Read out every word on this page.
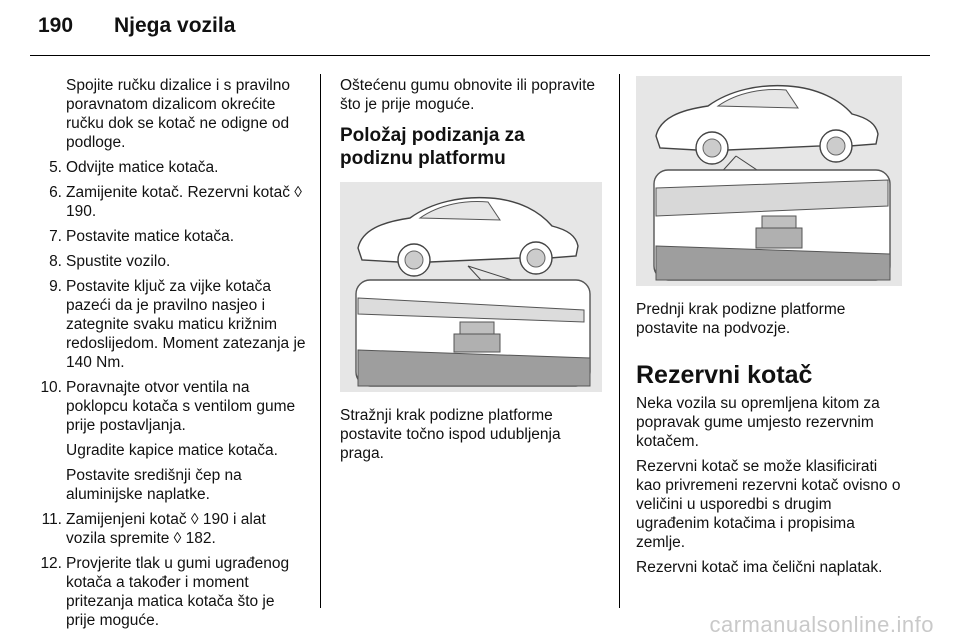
190 Njega vozila
Spojite ručku dizalice i s pravilno poravnatom dizalicom okrećite ručku dok se kotač ne odigne od podloge.
5. Odvijte matice kotača.
6. Zamijenite kotač. Rezervni kotač ◊ 190.
7. Postavite matice kotača.
8. Spustite vozilo.
9. Postavite ključ za vijke kotača pazeći da je pravilno nasjeo i zategnite svaku maticu križnim redoslijedom. Moment zatezanja je 140 Nm.
10. Poravnajte otvor ventila na poklopcu kotača s ventilom gume prije postavljanja.
Ugradite kapice matice kotača.
Postavite središnji čep na aluminijske naplatke.
11. Zamijenjeni kotač ◊ 190 i alat vozila spremite ◊ 182.
12. Provjerite tlak u gumi ugrađenog kotača a također i moment pritezanja matica kotača što je prije moguće.
Oštećenu gumu obnovite ili popravite što je prije moguće.
Položaj podizanja za podiznu platformu
Stražnji krak podizne platforme postavite točno ispod udubljenja praga.
Prednji krak podizne platforme postavite na podvozje.
Rezervni kotač
Neka vozila su opremljena kitom za popravak gume umjesto rezervnim kotačem.
Rezervni kotač se može klasificirati kao privremeni rezervni kotač ovisno o veličini u usporedbi s drugim ugrađenim kotačima i propisima zemlje.
Rezervni kotač ima čelični naplatak.
carmanualsonline.info
